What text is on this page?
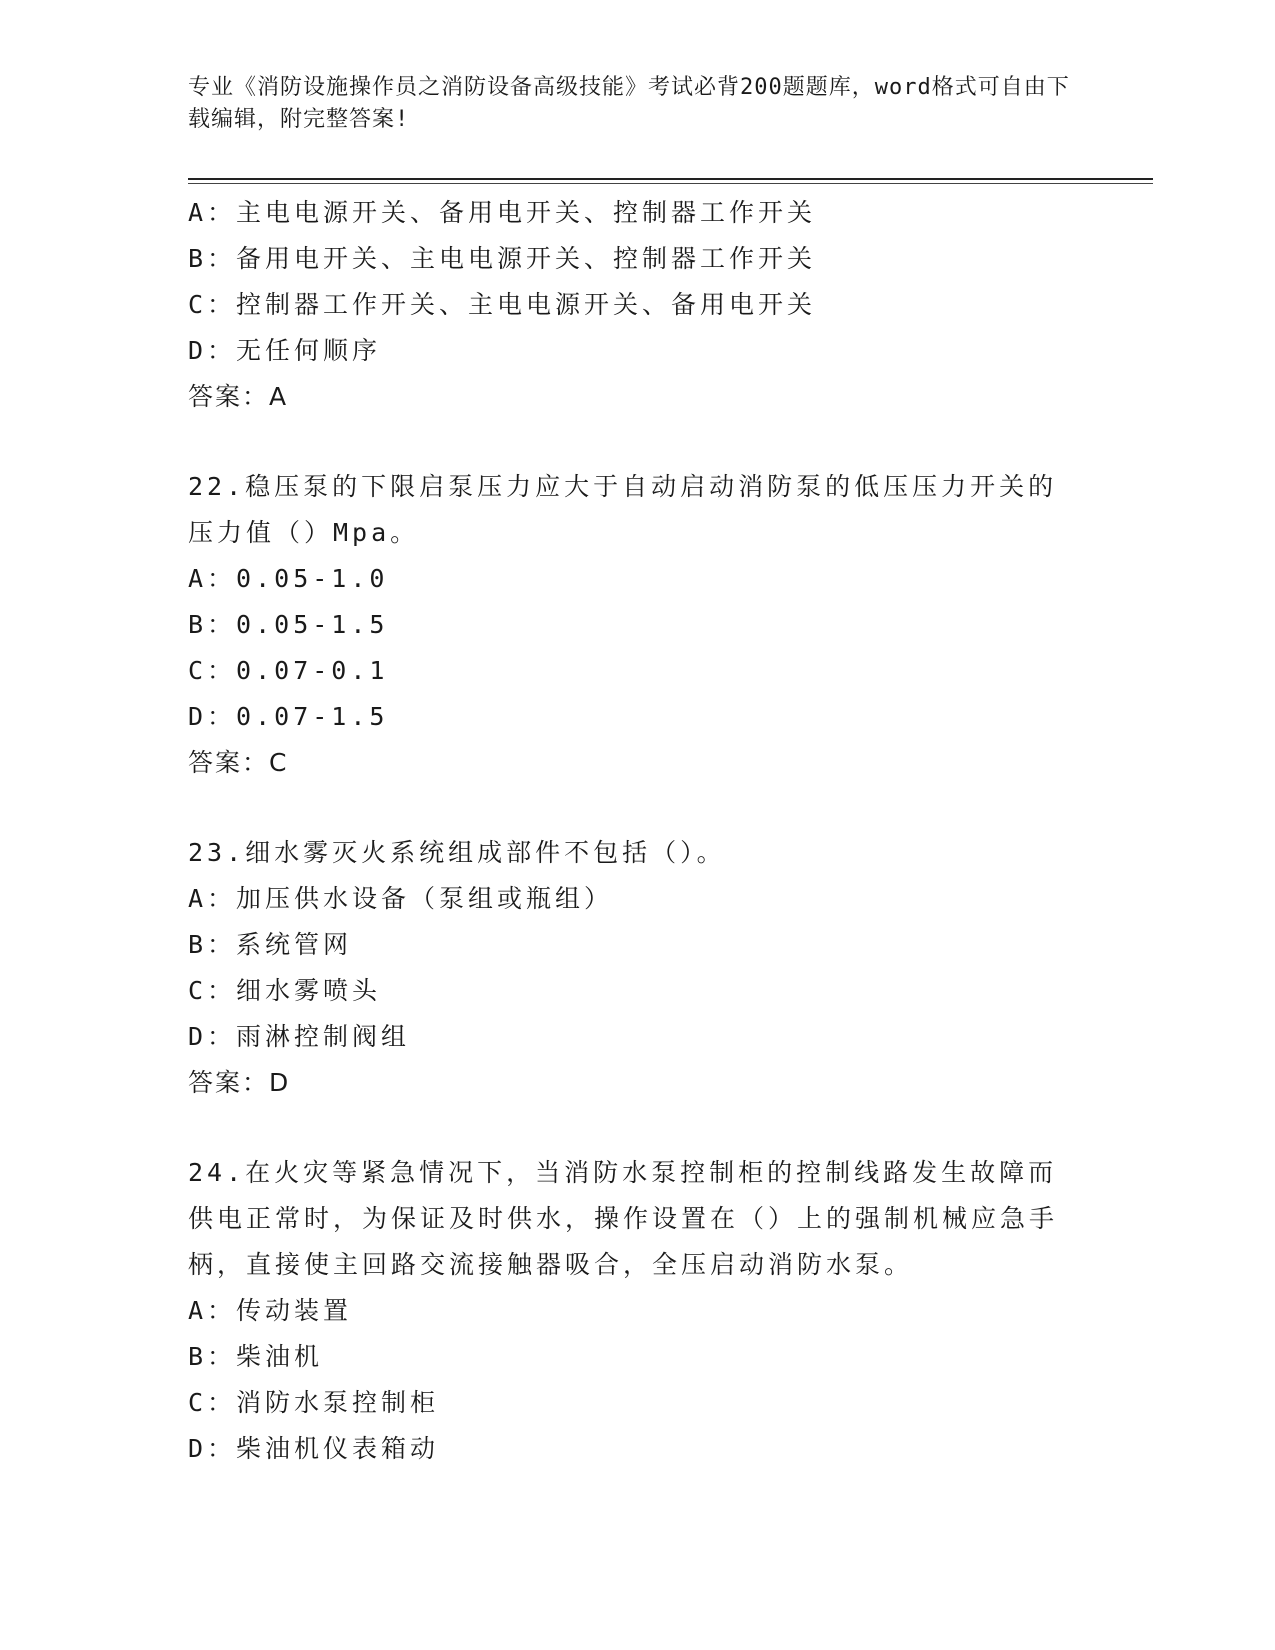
专业《消防设施操作员之消防设备高级技能》考试必背200题题库，word格式可自由下载编辑，附完整答案!
A：主电电源开关、备用电开关、控制器工作开关
B：备用电开关、主电电源开关、控制器工作开关
C：控制器工作开关、主电电源开关、备用电开关
D：无任何顺序
答案：A
22.稳压泵的下限启泵压力应大于自动启动消防泵的低压压力开关的压力值（）Mpa。
A：0.05-1.0
B：0.05-1.5
C：0.07-0.1
D：0.07-1.5
答案：C
23.细水雾灭火系统组成部件不包括（）。
A：加压供水设备（泵组或瓶组）
B：系统管网
C：细水雾喷头
D：雨淋控制阀组
答案：D
24.在火灾等紧急情况下，当消防水泵控制柜的控制线路发生故障而供电正常时，为保证及时供水，操作设置在（）上的强制机械应急手柄，直接使主回路交流接触器吸合，全压启动消防水泵。
A：传动装置
B：柴油机
C：消防水泵控制柜
D：柴油机仪表箱动
